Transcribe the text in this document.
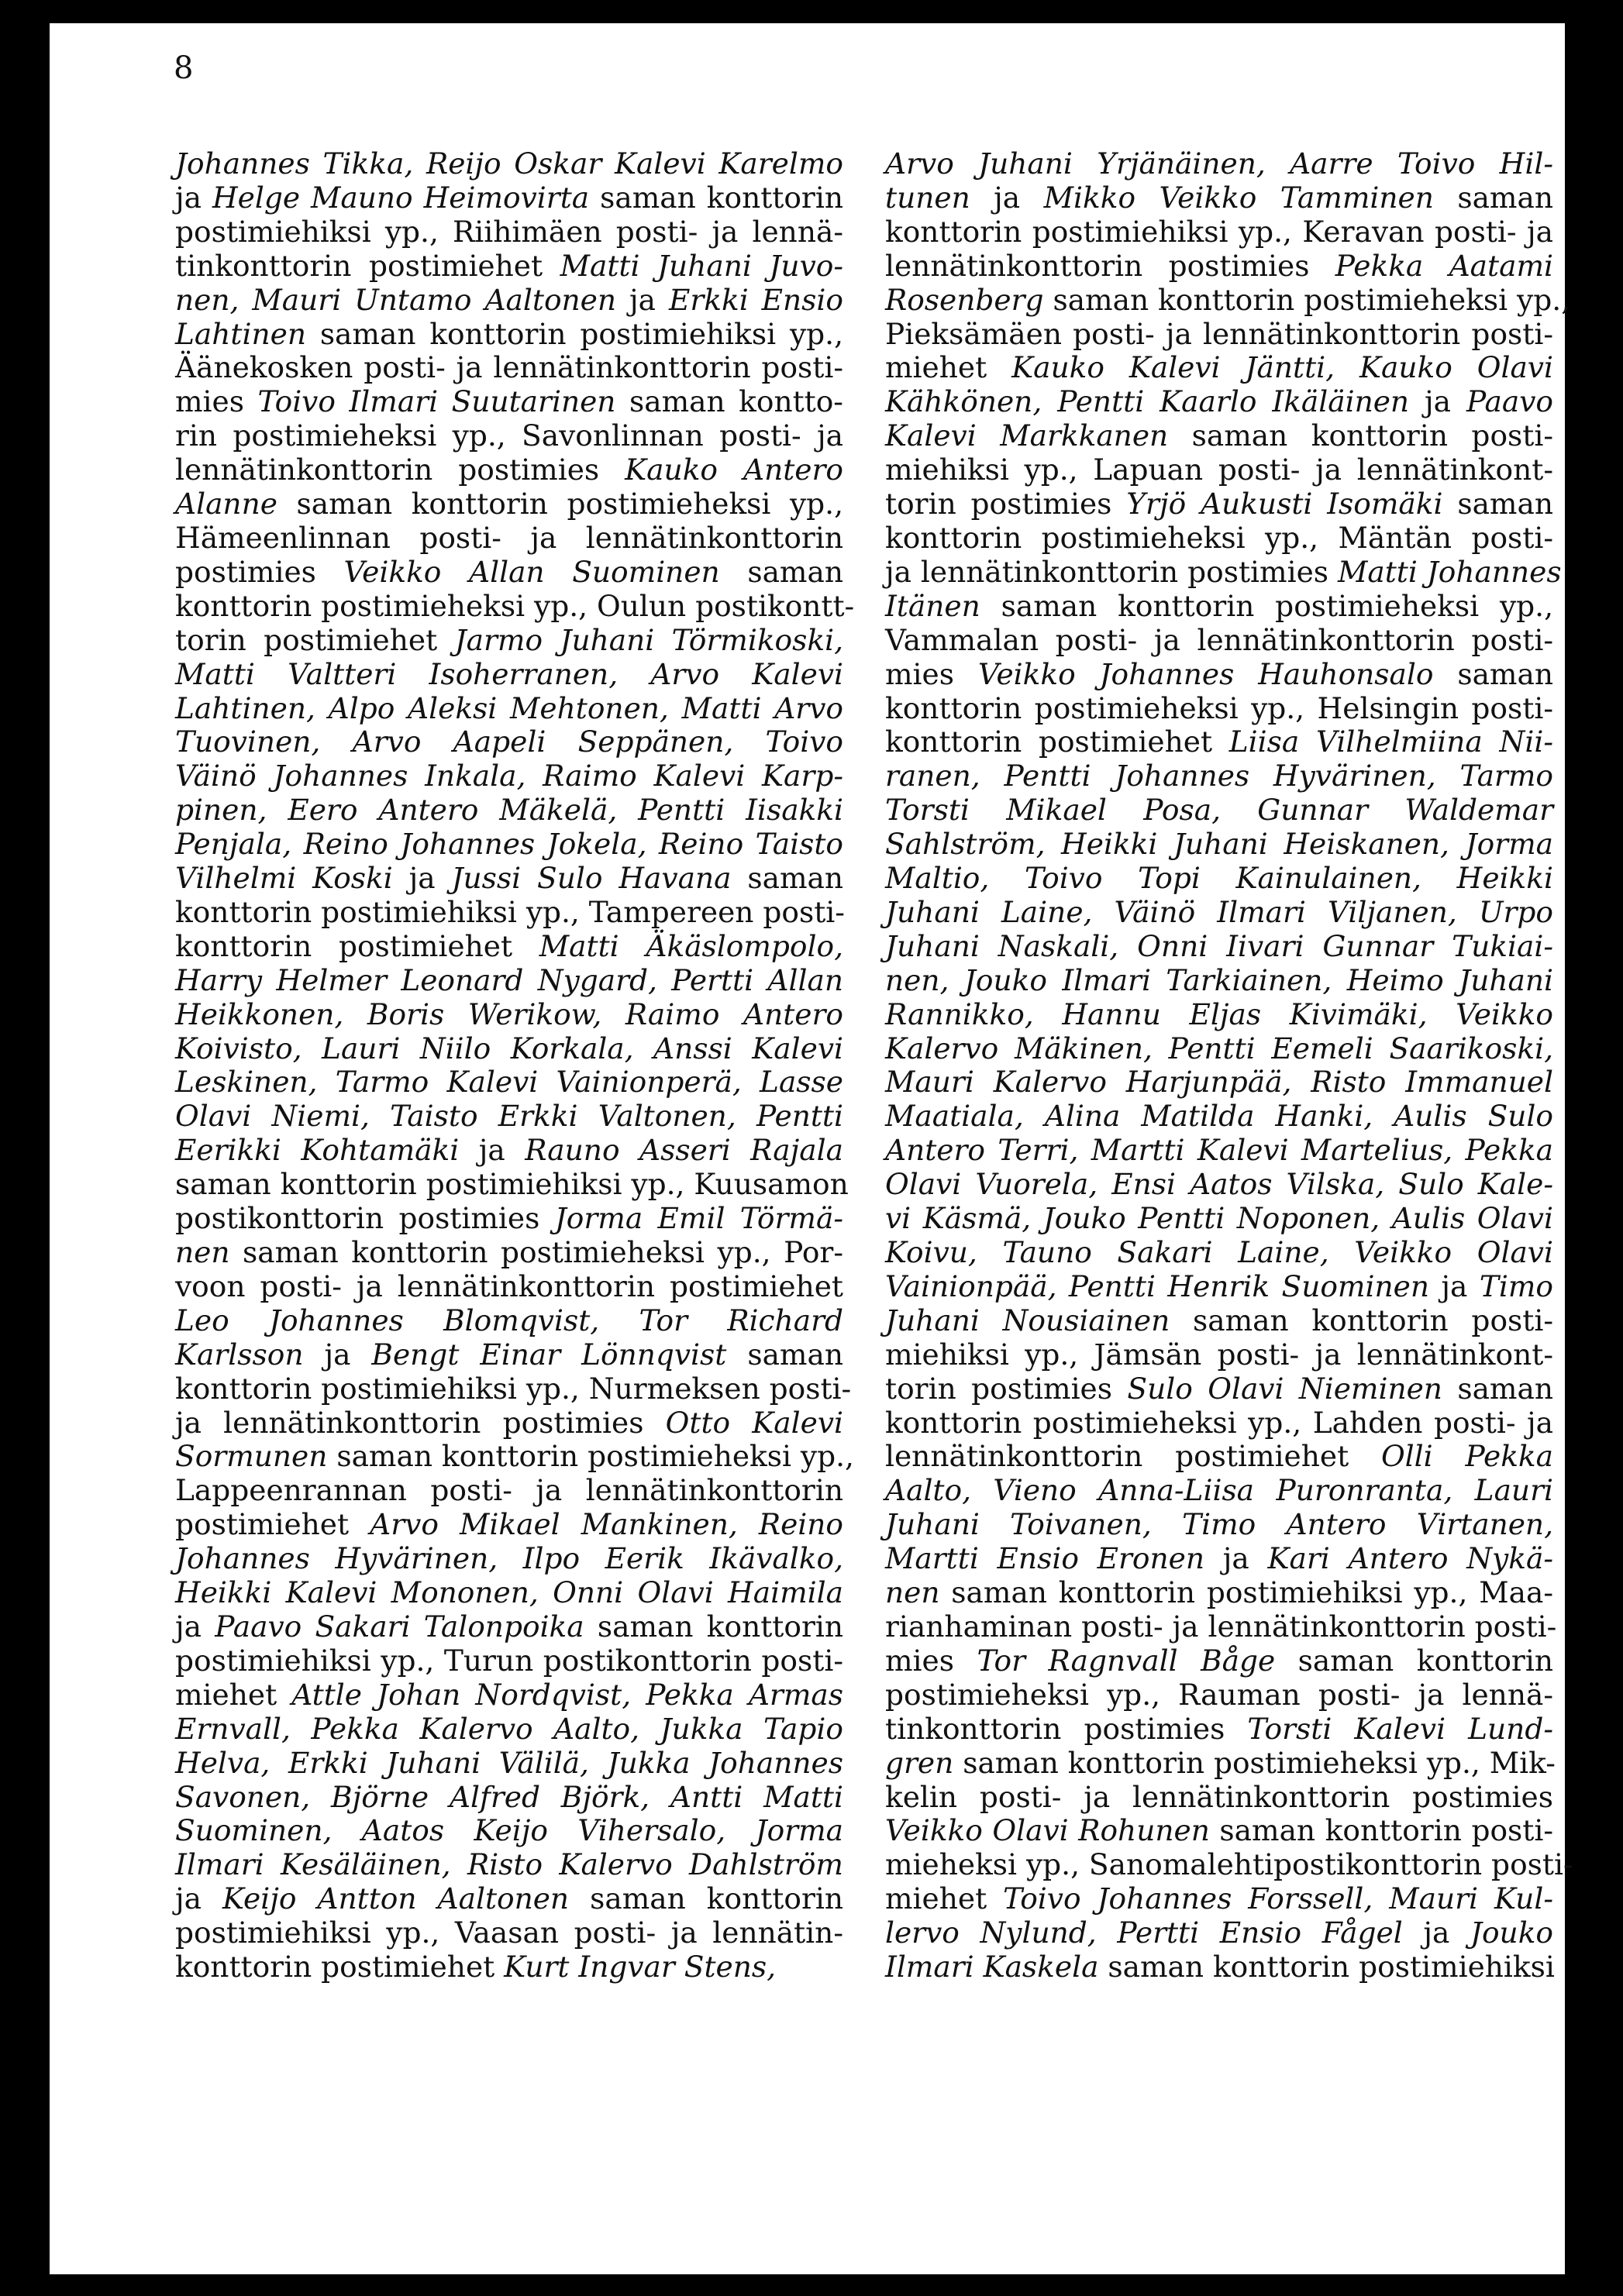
8
Johannes Tikka, Reijo Oskar Kalevi Karelmo
ja Helge Mauno Heimovirta saman konttorin
postimiehiksi yp., Riihimäen posti- ja lennä-
tinkonttorin postimiehet Matti Juhani Juvo-
nen, Mauri Untamo Aaltonen ja Erkki Ensio
Lahtinen saman konttorin postimiehiksi yp.,
Äänekosken posti- ja lennätinkonttorin posti-
mies Toivo Ilmari Suutarinen saman kontto-
rin postimieheksi yp., Savonlinnan posti- ja
lennätinkonttorin postimies Kauko Antero
Alanne saman konttorin postimieheksi yp.,
Hämeenlinnan posti- ja lennätinkonttorin
postimies Veikko Allan Suominen saman
konttorin postimieheksi yp., Oulun postikontt-
torin postimiehet Jarmo Juhani Törmikoski,
Matti Valtteri Isoherranen, Arvo Kalevi
Lahtinen, Alpo Aleksi Mehtonen, Matti Arvo
Tuovinen, Arvo Aapeli Seppänen, Toivo
Väinö Johannes Inkala, Raimo Kalevi Karp-
pinen, Eero Antero Mäkelä, Pentti Iisakki
Penjala, Reino Johannes Jokela, Reino Taisto
Vilhelmi Koski ja Jussi Sulo Havana saman
konttorin postimiehiksi yp., Tampereen posti-
konttorin postimiehet Matti Äkäslompolo,
Harry Helmer Leonard Nygard, Pertti Allan
Heikkonen, Boris Werikow, Raimo Antero
Koivisto, Lauri Niilo Korkala, Anssi Kalevi
Leskinen, Tarmo Kalevi Vainionperä, Lasse
Olavi Niemi, Taisto Erkki Valtonen, Pentti
Eerikki Kohtamäki ja Rauno Asseri Rajala
saman konttorin postimiehiksi yp., Kuusamon
postikonttorin postimies Jorma Emil Törmä-
nen saman konttorin postimieheksi yp., Por-
voon posti- ja lennätinkonttorin postimiehet
Leo Johannes Blomqvist, Tor Richard
Karlsson ja Bengt Einar Lönnqvist saman
konttorin postimiehiksi yp., Nurmeksen posti-
ja lennätinkonttorin postimies Otto Kalevi
Sormunen saman konttorin postimieheksi yp.,
Lappeenrannan posti- ja lennätinkonttorin
postimiehet Arvo Mikael Mankinen, Reino
Johannes Hyvärinen, Ilpo Eerik Ikävalko,
Heikki Kalevi Mononen, Onni Olavi Haimila
ja Paavo Sakari Talonpoika saman konttorin
postimiehiksi yp., Turun postikonttorin posti-
miehet Attle Johan Nordqvist, Pekka Armas
Ernvall, Pekka Kalervo Aalto, Jukka Tapio
Helva, Erkki Juhani Välilä, Jukka Johannes
Savonen, Björne Alfred Björk, Antti Matti
Suominen, Aatos Keijo Vihersalo, Jorma
Ilmari Kesäläinen, Risto Kalervo Dahlström
ja Keijo Antton Aaltonen saman konttorin
postimiehiksi yp., Vaasan posti- ja lennätin-
konttorin postimiehet Kurt Ingvar Stens,
Arvo Juhani Yrjänäinen, Aarre Toivo Hil-
tunen ja Mikko Veikko Tamminen saman
konttorin postimiehiksi yp., Keravan posti- ja
lennätinkonttorin postimies Pekka Aatami
Rosenberg saman konttorin postimieheksi yp.,
Pieksämäen posti- ja lennätinkonttorin posti-
miehet Kauko Kalevi Jäntti, Kauko Olavi
Kähkönen, Pentti Kaarlo Ikäläinen ja Paavo
Kalevi Markkanen saman konttorin posti-
miehiksi yp., Lapuan posti- ja lennätinkont-
torin postimies Yrjö Aukusti Isomäki saman
konttorin postimieheksi yp., Mäntän posti-
ja lennätinkonttorin postimies Matti Johannes
Itänen saman konttorin postimieheksi yp.,
Vammalan posti- ja lennätinkonttorin posti-
mies Veikko Johannes Hauhonsalo saman
konttorin postimieheksi yp., Helsingin posti-
konttorin postimiehet Liisa Vilhelmiina Nii-
ranen, Pentti Johannes Hyvärinen, Tarmo
Torsti Mikael Posa, Gunnar Waldemar
Sahlström, Heikki Juhani Heiskanen, Jorma
Maltio, Toivo Topi Kainulainen, Heikki
Juhani Laine, Väinö Ilmari Viljanen, Urpo
Juhani Naskali, Onni Iivari Gunnar Tukiai-
nen, Jouko Ilmari Tarkiainen, Heimo Juhani
Rannikko, Hannu Eljas Kivimäki, Veikko
Kalervo Mäkinen, Pentti Eemeli Saarikoski,
Mauri Kalervo Harjunpää, Risto Immanuel
Maatiala, Alina Matilda Hanki, Aulis Sulo
Antero Terri, Martti Kalevi Martelius, Pekka
Olavi Vuorela, Ensi Aatos Vilska, Sulo Kale-
vi Käsmä, Jouko Pentti Noponen, Aulis Olavi
Koivu, Tauno Sakari Laine, Veikko Olavi
Vainionpää, Pentti Henrik Suominen ja Timo
Juhani Nousiainen saman konttorin posti-
miehiksi yp., Jämsän posti- ja lennätinkont-
torin postimies Sulo Olavi Nieminen saman
konttorin postimieheksi yp., Lahden posti- ja
lennätinkonttorin postimiehet Olli Pekka
Aalto, Vieno Anna-Liisa Puronranta, Lauri
Juhani Toivanen, Timo Antero Virtanen,
Martti Ensio Eronen ja Kari Antero Nykä-
nen saman konttorin postimiehiksi yp., Maa-
rianhaminan posti- ja lennätinkonttorin posti-
mies Tor Ragnvall Båge saman konttorin
postimieheksi yp., Rauman posti- ja lennä-
tinkonttorin postimies Torsti Kalevi Lund-
gren saman konttorin postimieheksi yp., Mik-
kelin posti- ja lennätinkonttorin postimies
Veikko Olavi Rohunen saman konttorin posti-
mieheksi yp., Sanomalehtipostikonttorin posti-
miehet Toivo Johannes Forssell, Mauri Kul-
lervo Nylund, Pertti Ensio Fågel ja Jouko
Ilmari Kaskela saman konttorin postimiehiksi
